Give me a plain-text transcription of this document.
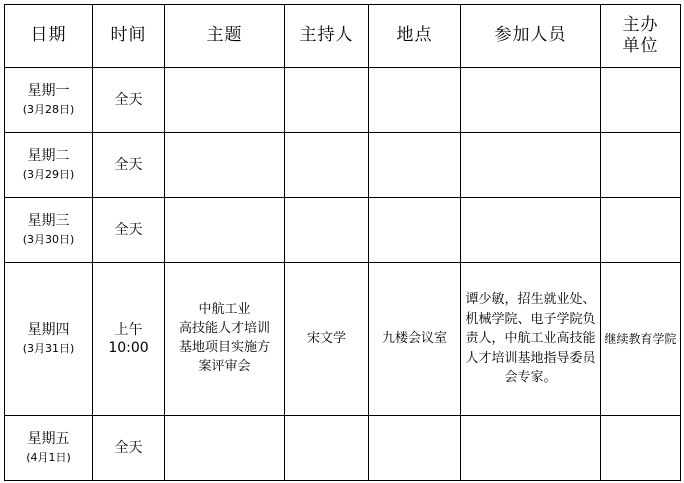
日期	时间	主题	主持人	地点	参加人员	主办
单位

星期一
(3月28日)	全天					

星期二
(3月29日)	全天					

星期三
(3月30日)	全天					

星期四
(3月31日)	上午
10:00	中航工业
高技能人才培训
基地项目实施方
案评审会	宋文学	九楼会议室	谭少敏，招生就业处、机械学院、电子学院负责人，中航工业高技能人才培训基地指导委员会专家。	继续教育学院

星期五
(4月1日)	全天					
